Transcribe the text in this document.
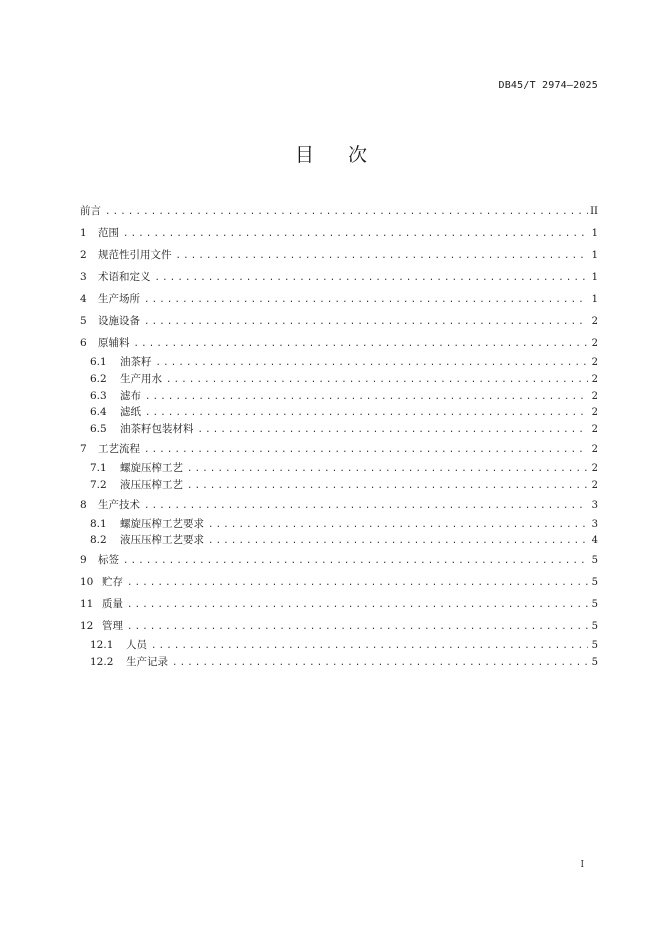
DB45/T 2974—2025
目 次
前言 .....	II
1	范围 .....	1
2	规范性引用文件 .....	1
3	术语和定义 .....	1
4	生产场所 .....	1
5	设施设备 .....	2
6	原辅料 .....	2
6.1	油茶籽 .....	2
6.2	生产用水 .....	2
6.3	滤布 .....	2
6.4	滤纸 .....	2
6.5	油茶籽包装材料 .....	2
7	工艺流程 .....	2
7.1	螺旋压榨工艺 .....	2
7.2	液压压榨工艺 .....	2
8	生产技术 .....	3
8.1	螺旋压榨工艺要求 .....	3
8.2	液压压榨工艺要求 .....	4
9	标签 .....	5
10 贮存 .....	5
11 质量 .....	5
12 管理 .....	5
12.1	人员 .....	5
12.2	生产记录 .....	5
I
